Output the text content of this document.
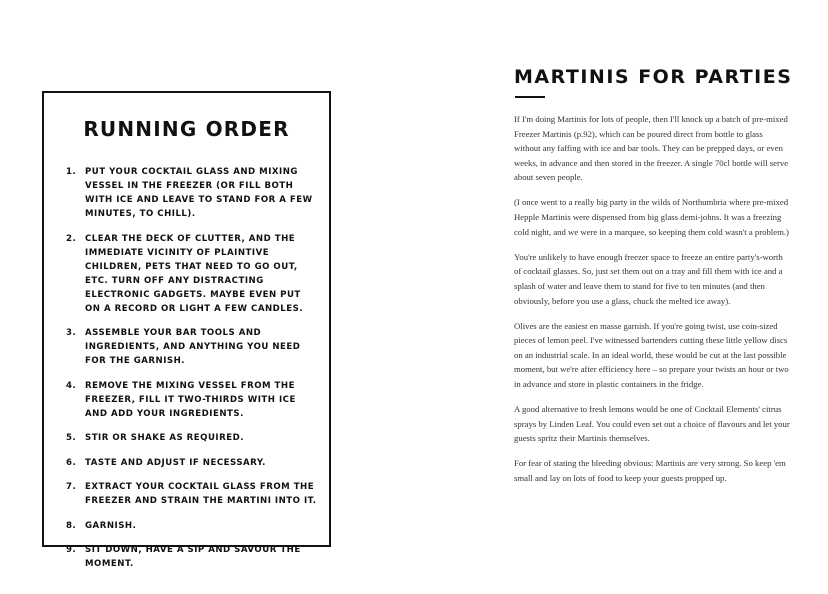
RUNNING ORDER
1. PUT YOUR COCKTAIL GLASS AND MIXING VESSEL IN THE FREEZER (OR FILL BOTH WITH ICE AND LEAVE TO STAND FOR A FEW MINUTES, TO CHILL).
2. CLEAR THE DECK OF CLUTTER, AND THE IMMEDIATE VICINITY OF PLAINTIVE CHILDREN, PETS THAT NEED TO GO OUT, ETC. TURN OFF ANY DISTRACTING ELECTRONIC GADGETS. MAYBE EVEN PUT ON A RECORD OR LIGHT A FEW CANDLES.
3. ASSEMBLE YOUR BAR TOOLS AND INGREDIENTS, AND ANYTHING YOU NEED FOR THE GARNISH.
4. REMOVE THE MIXING VESSEL FROM THE FREEZER, FILL IT TWO-THIRDS WITH ICE AND ADD YOUR INGREDIENTS.
5. STIR OR SHAKE AS REQUIRED.
6. TASTE AND ADJUST IF NECESSARY.
7. EXTRACT YOUR COCKTAIL GLASS FROM THE FREEZER AND STRAIN THE MARTINI INTO IT.
8. GARNISH.
9. SIT DOWN, HAVE A SIP AND SAVOUR THE MOMENT.
MARTINIS FOR PARTIES

If I'm doing Martinis for lots of people, then I'll knock up a batch of pre-mixed Freezer Martinis (p.92), which can be poured direct from bottle to glass without any faffing with ice and bar tools. They can be prepped days, or even weeks, in advance and then stored in the freezer. A single 70cl bottle will serve about seven people.

(I once went to a really big party in the wilds of Northumbria where pre-mixed Hepple Martinis were dispensed from big glass demi-johns. It was a freezing cold night, and we were in a marquee, so keeping them cold wasn't a problem.)

You're unlikely to have enough freezer space to freeze an entire party's-worth of cocktail glasses. So, just set them out on a tray and fill them with ice and a splash of water and leave them to stand for five to ten minutes (and then obviously, before you use a glass, chuck the melted ice away).

Olives are the easiest en masse garnish. If you're going twist, use coin-sized pieces of lemon peel. I've witnessed bartenders cutting these little yellow discs on an industrial scale. In an ideal world, these would be cut at the last possible moment, but we're after efficiency here – so prepare your twists an hour or two in advance and store in plastic containers in the fridge.

A good alternative to fresh lemons would be one of Cocktail Elements' citrus sprays by Linden Leaf. You could even set out a choice of flavours and let your guests spritz their Martinis themselves.

For fear of stating the bleeding obvious: Martinis are very strong. So keep 'em small and lay on lots of food to keep your guests propped up.
